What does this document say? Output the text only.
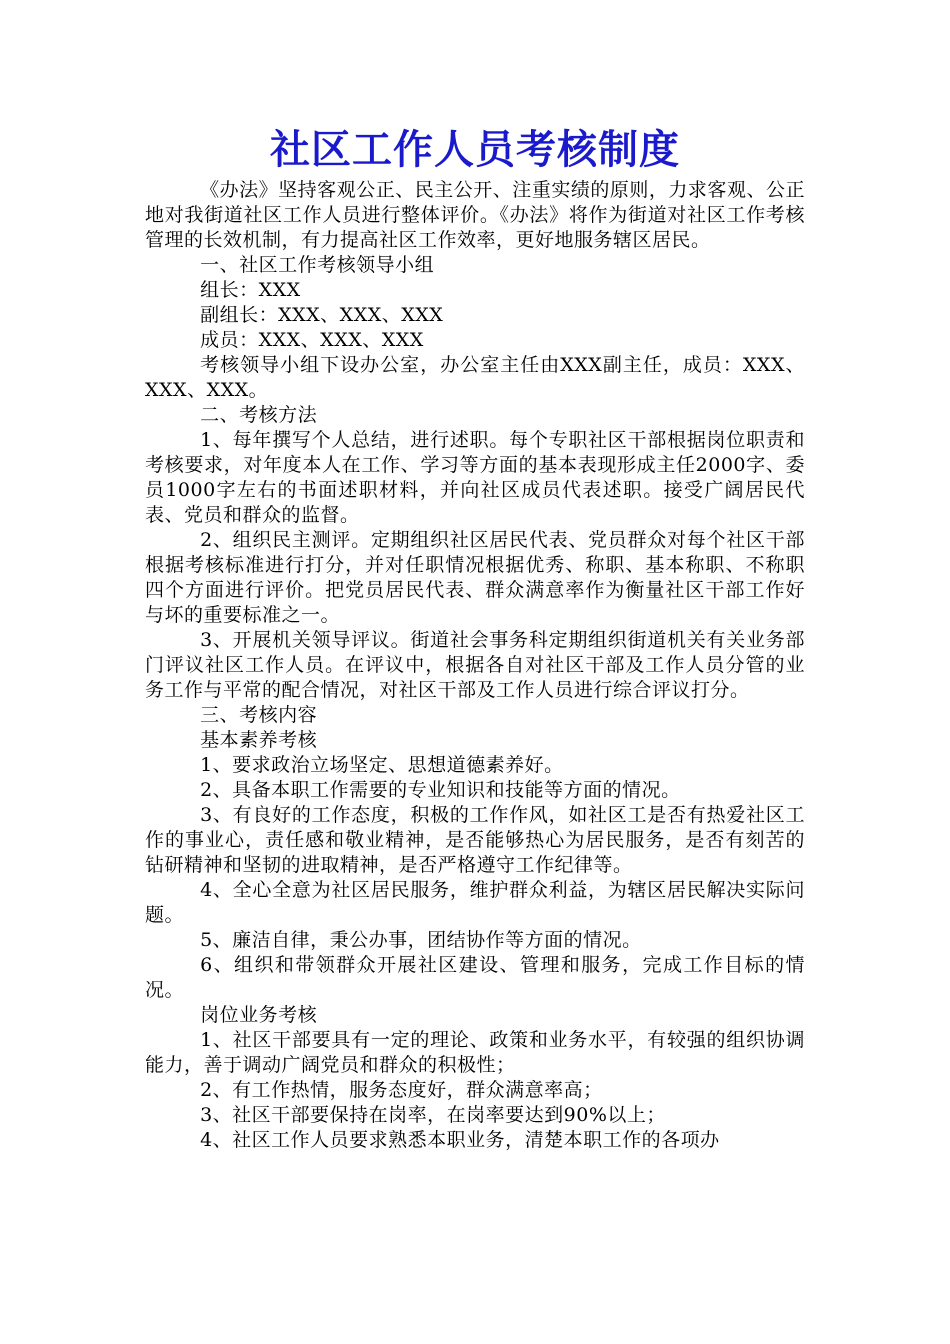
社区工作人员考核制度

《办法》坚持客观公正、民主公开、注重实绩的原则，力求客观、公正地对我街道社区工作人员进行整体评价。《办法》将作为街道对社区工作考核管理的长效机制，有力提高社区工作效率，更好地服务辖区居民。

一、社区工作考核领导小组

组长：XXX

副组长：XXX、XXX、XXX

成员：XXX、XXX、XXX

考核领导小组下设办公室，办公室主任由XXX副主任，成员：XXX、XXX、XXX。

二、考核方法

1、每年撰写个人总结，进行述职。每个专职社区干部根据岗位职责和考核要求，对年度本人在工作、学习等方面的基本表现形成主任2000字、委员1000字左右的书面述职材料，并向社区成员代表述职。接受广阔居民代表、党员和群众的监督。

2、组织民主测评。定期组织社区居民代表、党员群众对每个社区干部根据考核标准进行打分，并对任职情况根据优秀、称职、基本称职、不称职四个方面进行评价。把党员居民代表、群众满意率作为衡量社区干部工作好与坏的重要标准之一。

3、开展机关领导评议。街道社会事务科定期组织街道机关有关业务部门评议社区工作人员。在评议中，根据各自对社区干部及工作人员分管的业务工作与平常的配合情况，对社区干部及工作人员进行综合评议打分。

三、考核内容

基本素养考核

1、要求政治立场坚定、思想道德素养好。

2、具备本职工作需要的专业知识和技能等方面的情况。

3、有良好的工作态度，积极的工作作风，如社区工是否有热爱社区工作的事业心，责任感和敬业精神，是否能够热心为居民服务，是否有刻苦的钻研精神和坚韧的进取精神，是否严格遵守工作纪律等。

4、全心全意为社区居民服务，维护群众利益，为辖区居民解决实际问题。

5、廉洁自律，秉公办事，团结协作等方面的情况。

6、组织和带领群众开展社区建设、管理和服务，完成工作目标的情况。

岗位业务考核

1、社区干部要具有一定的理论、政策和业务水平，有较强的组织协调能力，善于调动广阔党员和群众的积极性；

2、有工作热情，服务态度好，群众满意率高；

3、社区干部要保持在岗率，在岗率要达到90%以上；

4、社区工作人员要求熟悉本职业务，清楚本职工作的各项办
